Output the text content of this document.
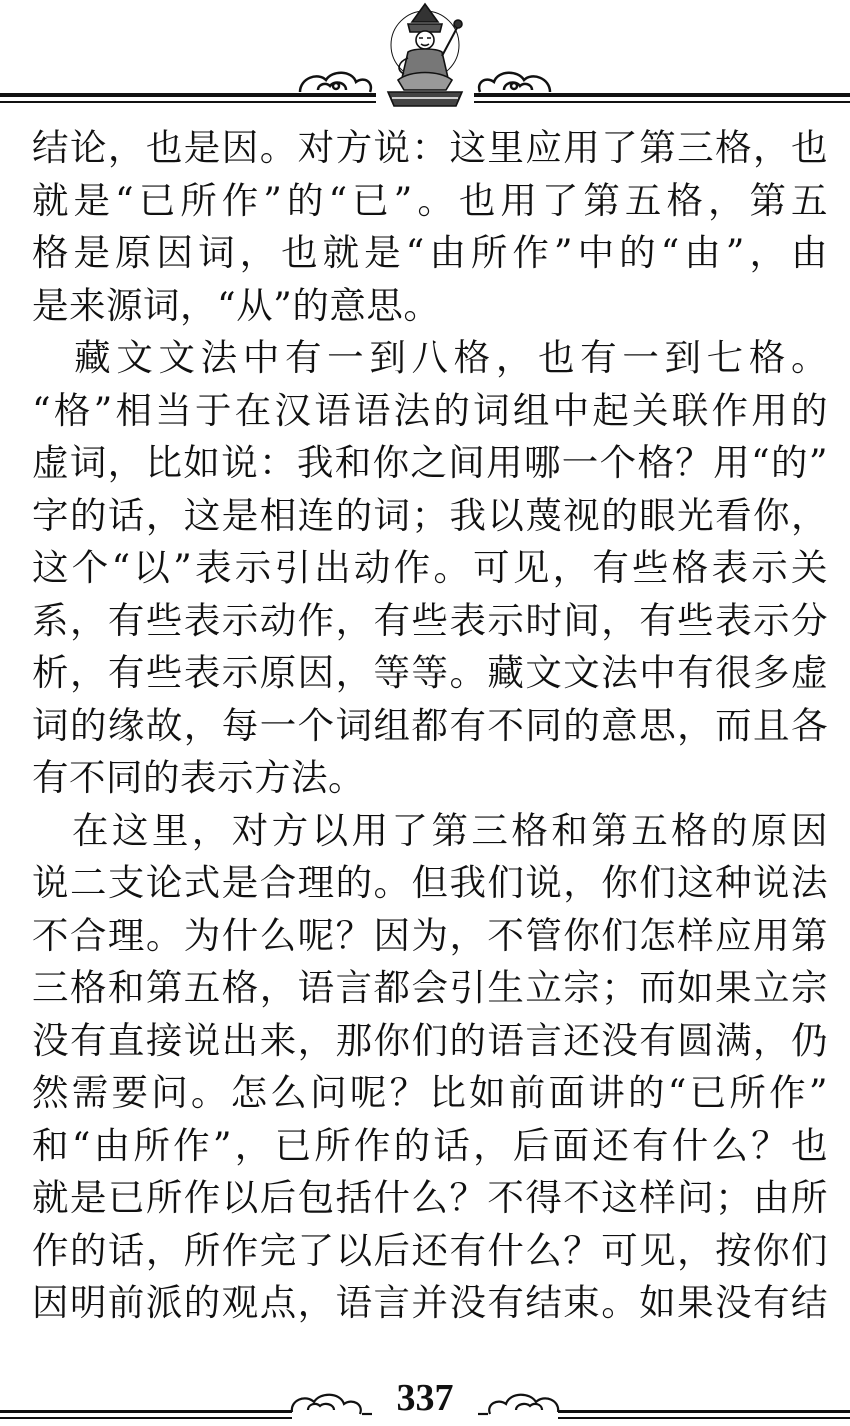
结论，也是因。对方说：这里应用了第三格，也
就是“已所作”的“已”。也用了第五格，第五
格是原因词，也就是“由所作”中的“由”，由
是来源词，“从”的意思。
　藏文文法中有一到八格，也有一到七格。
“格”相当于在汉语语法的词组中起关联作用的
虚词，比如说：我和你之间用哪一个格？用“的”
字的话，这是相连的词；我以蔑视的眼光看你，
这个“以”表示引出动作。可见，有些格表示关
系，有些表示动作，有些表示时间，有些表示分
析，有些表示原因，等等。藏文文法中有很多虚
词的缘故，每一个词组都有不同的意思，而且各
有不同的表示方法。
　在这里，对方以用了第三格和第五格的原因
说二支论式是合理的。但我们说，你们这种说法
不合理。为什么呢？因为，不管你们怎样应用第
三格和第五格，语言都会引生立宗；而如果立宗
没有直接说出来，那你们的语言还没有圆满，仍
然需要问。怎么问呢？比如前面讲的“已所作”
和“由所作”，已所作的话，后面还有什么？也
就是已所作以后包括什么？不得不这样问；由所
作的话，所作完了以后还有什么？可见，按你们
因明前派的观点，语言并没有结束。如果没有结
337
